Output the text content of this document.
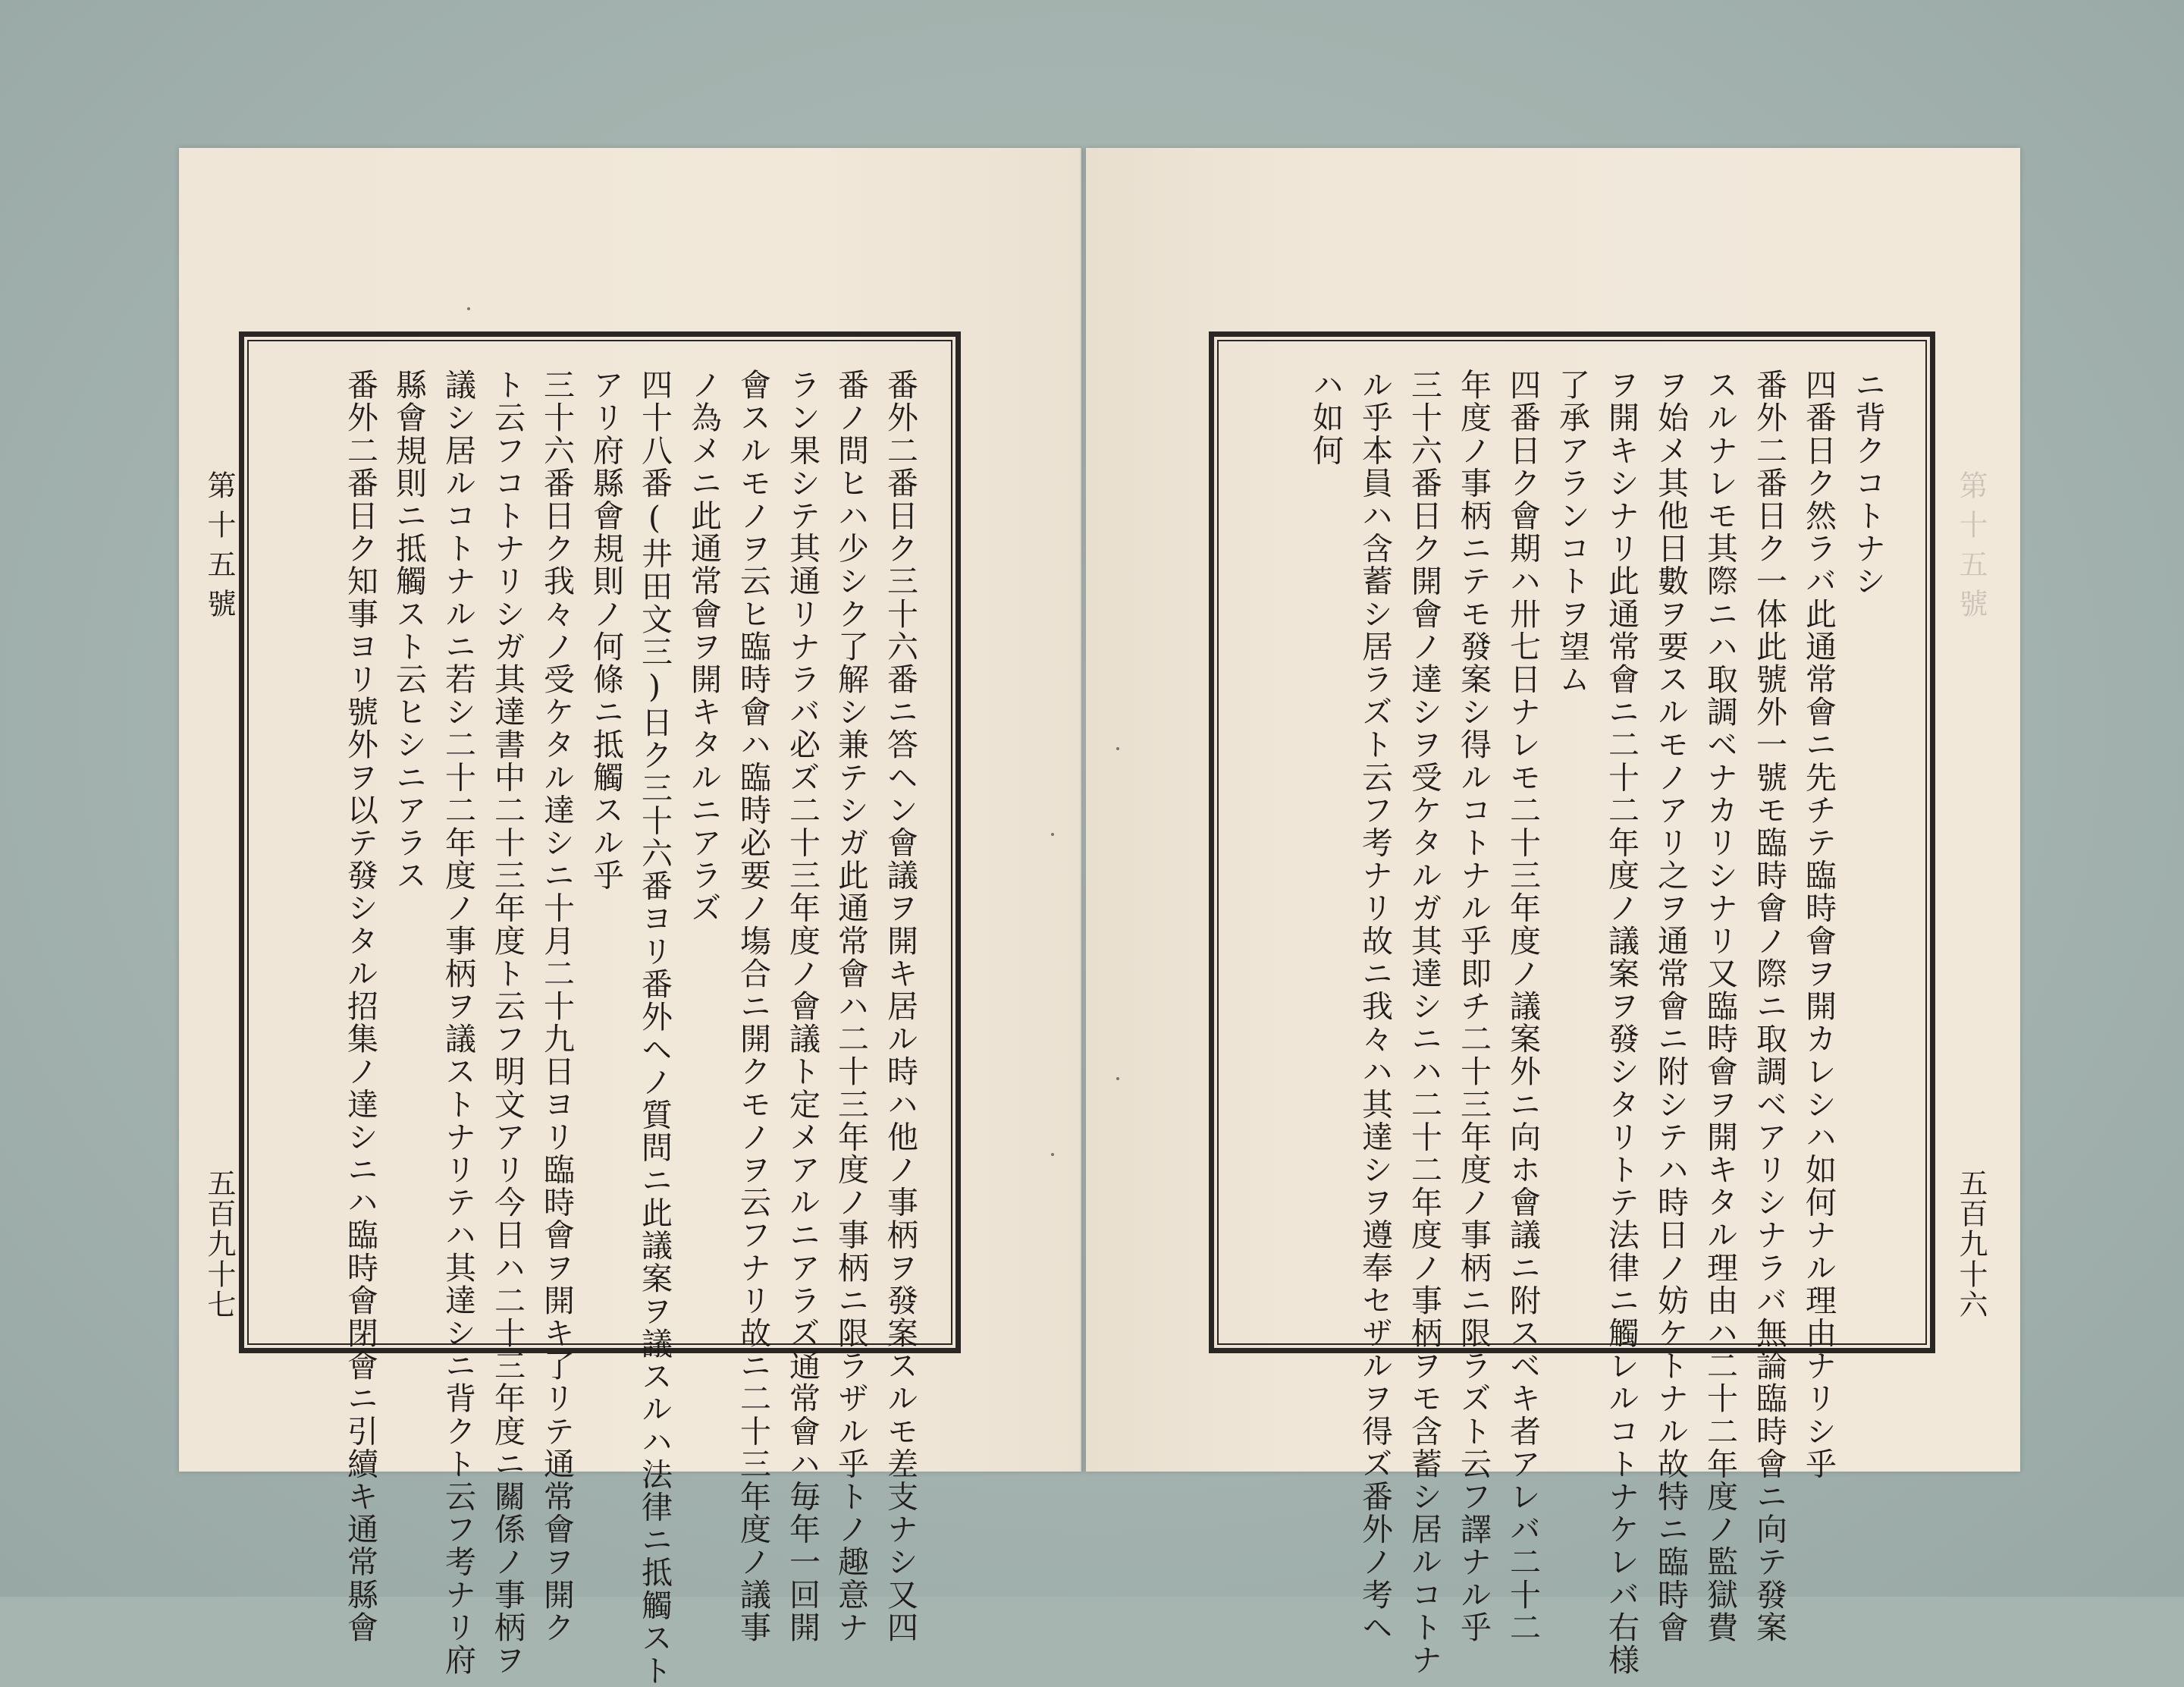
第十五號
五百九十七	番外二番日ク三十六番ニ答ヘン會議ヲ開キ居ル時ハ他ノ事柄ヲ發案スルモ差支ナシ又四
番ノ問ヒハ少シク了解シ兼テシガ此通常會ハ二十三年度ノ事柄ニ限ラザル乎トノ趣意ナ
ラン果シテ其通リナラバ必ズ二十三年度ノ會議ト定メアルニアラズ通常會ハ毎年一回開
會スルモノヲ云ヒ臨時會ハ臨時必要ノ塲合ニ開クモノヲ云フナリ故ニ二十三年度ノ議事
ノ為メニ此通常會ヲ開キタルニアラズ
四十八番(井田文三)日ク三十六番ヨリ番外ヘノ質問ニ此議案ヲ議スルハ法律ニ抵觸スト
アリ府縣會規則ノ何條ニ抵觸スル乎
三十六番日ク我々ノ受ケタル達シニ十月二十九日ヨリ臨時會ヲ開キ了リテ通常會ヲ開ク
ト云フコトナリシガ其達書中二十三年度ト云フ明文アリ今日ハ二十三年度ニ關係ノ事柄ヲ
議シ居ルコトナルニ若シ二十二年度ノ事柄ヲ議ストナリテハ其達シニ背クト云フ考ナリ府
縣會規則ニ抵觸スト云ヒシニアラス
番外二番日ク知事ヨリ號外ヲ以テ發シタル招集ノ達シニハ臨時會閉會ニ引續キ通常縣會	第十五號
五百九十六
ニ背クコトナシ
四番日ク然ラバ此通常會ニ先チテ臨時會ヲ開カレシハ如何ナル理由ナリシ乎
番外二番日ク一体此號外一號モ臨時會ノ際ニ取調ベアリシナラバ無論臨時會ニ向テ發案
スルナレモ其際ニハ取調ベナカリシナリ又臨時會ヲ開キタル理由ハ二十二年度ノ監獄費
ヲ始メ其他日數ヲ要スルモノアリ之ヲ通常會ニ附シテハ時日ノ妨ケトナル故特ニ臨時會
ヲ開キシナリ此通常會ニ二十二年度ノ議案ヲ發シタリトテ法律ニ觸レルコトナケレバ右様
了承アランコトヲ望ム
四番日ク會期ハ卅七日ナレモ二十三年度ノ議案外ニ向ホ會議ニ附スベキ者アレバ二十二
年度ノ事柄ニテモ發案シ得ルコトナル乎即チ二十三年度ノ事柄ニ限ラズト云フ譯ナル乎
三十六番日ク開會ノ達シヲ受ケタルガ其達シニハ二十二年度ノ事柄ヲモ含蓄シ居ルコトナ
ル乎本員ハ含蓄シ居ラズト云フ考ナリ故ニ我々ハ其達シヲ遵奉セザルヲ得ズ番外ノ考ヘ
ハ如何
